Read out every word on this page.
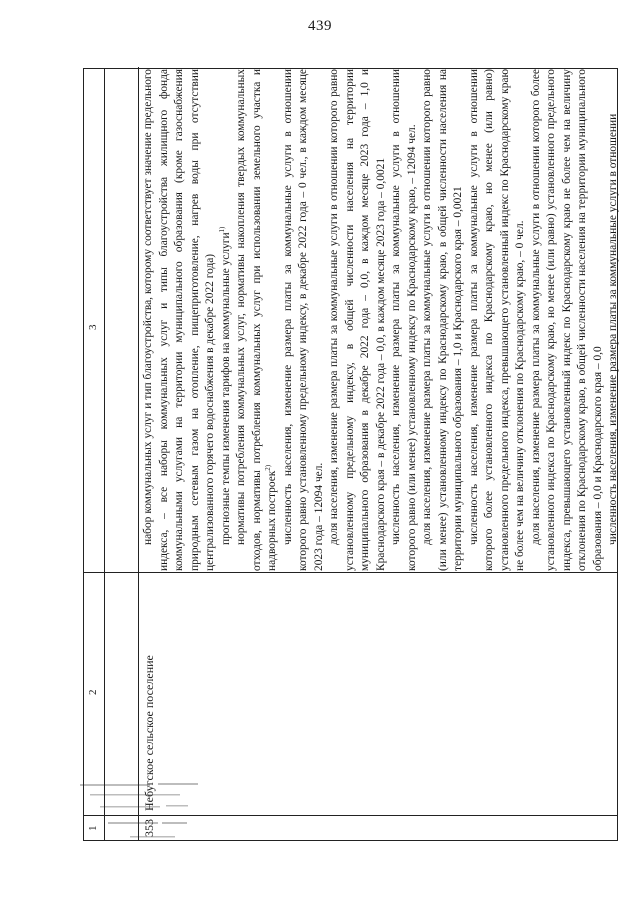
439
1
2
3

353
Небугское сельское поселение

набор коммунальных услуг и тип благоустройства, которому соответствует значение предельного индекса, – все наборы коммунальных услуг и типы благоустройства жилищного фонда коммунальными услугами на территории муниципального образования (кроме газоснабжения природным сетевым газом на отопление, пищеприготовление, нагрев воды при отсутствии централизованного горячего водоснабжения в декабре 2022 года) прогнозные темпы изменения тарифов на коммунальные услуги$^{1)}$ нормативы потребления коммунальных услуг, нормативы накопления твердых коммунальных отходов, нормативы потребления коммунальных услуг при использовании земельного участка и надворных построек$^{2)}$ численность населения, изменение размера платы за коммунальные услуги в отношении которого равно установленному предельному индексу, в декабре 2022 года – 0 чел., в каждом месяце 2023 года – 12094 чел. доля населения, изменение размера платы за коммунальные услуги в отношении которого равно установленному предельному индексу, в общей численности населения на территории муниципального образования в декабре 2022 года – 0,0, в каждом месяце 2023 года – 1,0 и Краснодарского края – в декабре 2022 года – 0,0, в каждом месяце 2023 года – 0,0021 численность населения, изменение размера платы за коммунальные услуги в отношении которого равно (или менее) установленному индексу по Краснодарскому краю, – 12094 чел. доля населения, изменение размера платы за коммунальные услуги в отношении которого равно (или менее) установленному индексу по Краснодарскому краю, в общей численности населения на территории муниципального образования – 1,0 и Краснодарского края – 0,0021 численность населения, изменение размера платы за коммунальные услуги в отношении которого более установленного индекса по Краснодарскому краю, но менее (или равно) установленного предельного индекса, превышающего установленный индекс по Краснодарскому краю не более чем на величину отклонения по Краснодарскому краю, – 0 чел. доля населения, изменение размера платы за коммунальные услуги в отношении которого более установленного индекса по Краснодарскому краю, но менее (или равно) установленного предельного индекса, превышающего установленный индекс по Краснодарскому краю не более чем на величину отклонения по Краснодарскому краю, в общей численности населения на территории муниципального образования – 0,0 и Краснодарского края – 0,0 численность населения, изменение размера платы за коммунальные услуги в отношении
